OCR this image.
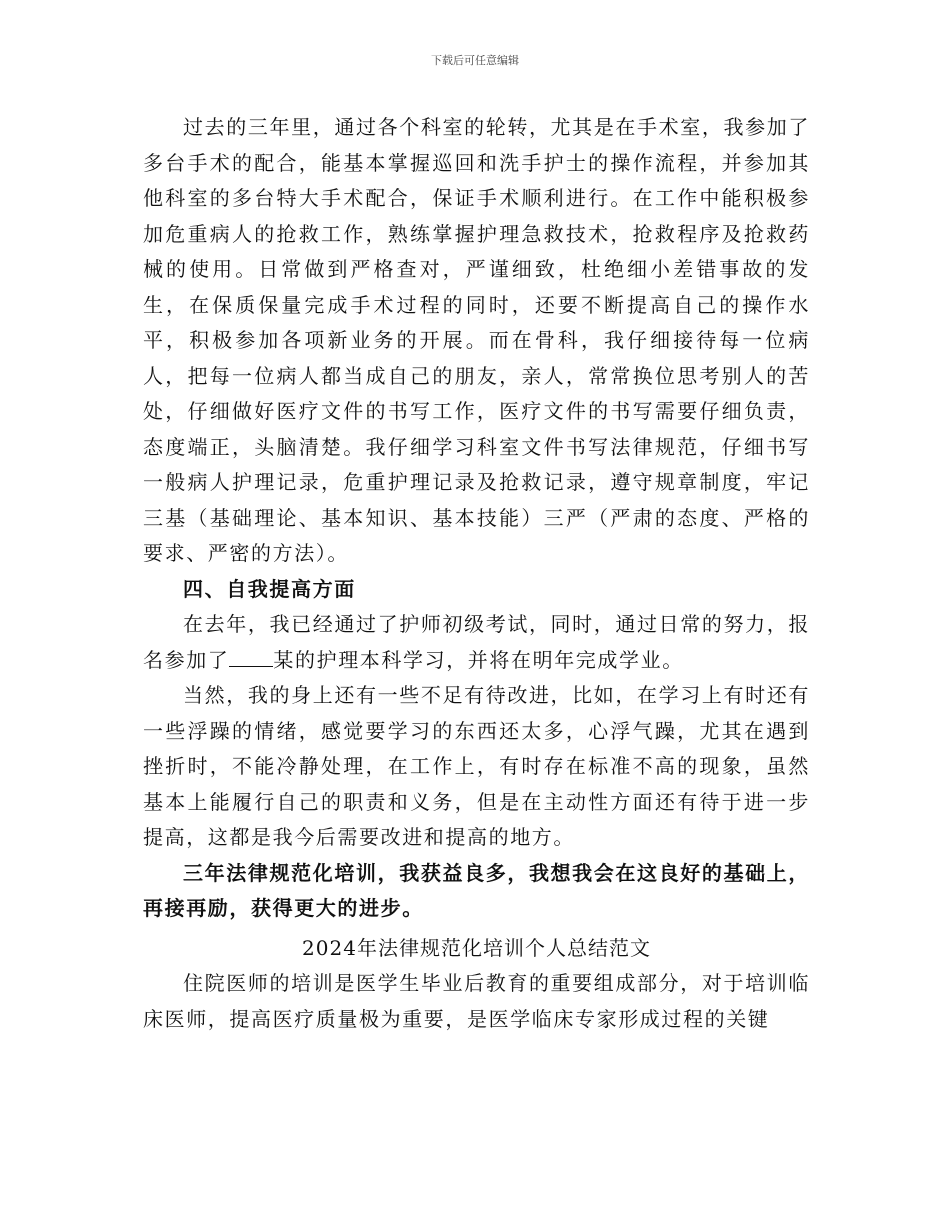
下载后可任意编辑

过去的三年里，通过各个科室的轮转，尤其是在手术室，我参加了多台手术的配合，能基本掌握巡回和洗手护士的操作流程，并参加其他科室的多台特大手术配合，保证手术顺利进行。在工作中能积极参加危重病人的抢救工作，熟练掌握护理急救技术，抢救程序及抢救药械的使用。日常做到严格查对，严谨细致，杜绝细小差错事故的发生，在保质保量完成手术过程的同时，还要不断提高自己的操作水平，积极参加各项新业务的开展。而在骨科，我仔细接待每一位病人，把每一位病人都当成自己的朋友，亲人，常常换位思考别人的苦处，仔细做好医疗文件的书写工作，医疗文件的书写需要仔细负责，态度端正，头脑清楚。我仔细学习科室文件书写法律规范，仔细书写一般病人护理记录，危重护理记录及抢救记录，遵守规章制度，牢记三基（基础理论、基本知识、基本技能）三严（严肃的态度、严格的要求、严密的方法）。

四、自我提高方面

在去年，我已经通过了护师初级考试，同时，通过日常的努力，报名参加了 某的护理本科学习，并将在明年完成学业。

当然，我的身上还有一些不足有待改进，比如，在学习上有时还有一些浮躁的情绪，感觉要学习的东西还太多，心浮气躁，尤其在遇到挫折时，不能冷静处理，在工作上，有时存在标准不高的现象，虽然基本上能履行自己的职责和义务，但是在主动性方面还有待于进一步提高，这都是我今后需要改进和提高的地方。

三年法律规范化培训，我获益良多，我想我会在这良好的基础上，再接再励，获得更大的进步。

2024年法律规范化培训个人总结范文

住院医师的培训是医学生毕业后教育的重要组成部分，对于培训临床医师，提高医疗质量极为重要，是医学临床专家形成过程的关键
